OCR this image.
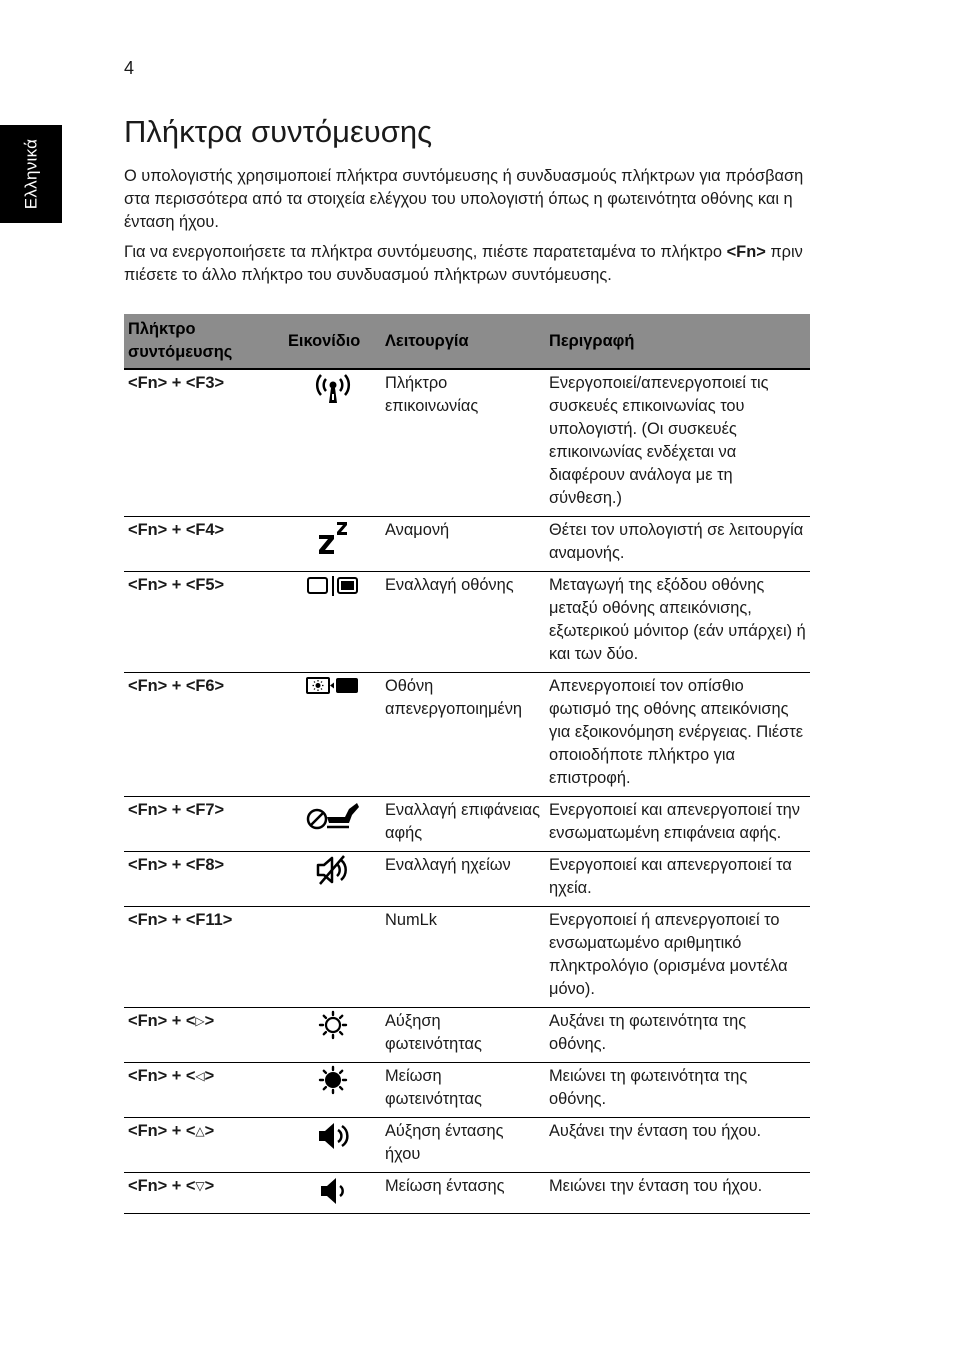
4
Ελληνικά
Πλήκτρα συντόμευσης

Ο υπολογιστής χρησιμοποιεί πλήκτρα συντόμευσης ή συνδυασμούς πλήκτρων για πρόσβαση στα περισσότερα από τα στοιχεία ελέγχου του υπολογιστή όπως η φωτεινότητα οθόνης και η ένταση ήχου.

Για να ενεργοποιήσετε τα πλήκτρα συντόμευσης, πιέστε παρατεταμένα το πλήκτρο <Fn> πριν πιέσετε το άλλο πλήκτρο του συνδυασμού πλήκτρων συντόμευσης.

Πλήκτρο συντόμευσης	Εικονίδιο	Λειτουργία	Περιγραφή
<Fn> + <F3>		Πλήκτρο επικοινωνίας	Ενεργοποιεί/απενεργοποιεί τις συσκευές επικοινωνίας του υπολογιστή. (Οι συσκευές επικοινωνίας ενδέχεται να διαφέρουν ανάλογα με τη σύνθεση.)
<Fn> + <F4>		Αναμονή	Θέτει τον υπολογιστή σε λειτουργία αναμονής.
<Fn> + <F5>		Εναλλαγή οθόνης	Μεταγωγή της εξόδου οθόνης μεταξύ οθόνης απεικόνισης, εξωτερικού μόνιτορ (εάν υπάρχει) ή και των δύο.
<Fn> + <F6>		Οθόνη απενεργοποιημένη	Απενεργοποιεί τον οπίσθιο φωτισμό της οθόνης απεικόνισης για εξοικονόμηση ενέργειας. Πιέστε οποιοδήποτε πλήκτρο για επιστροφή.
<Fn> + <F7>		Εναλλαγή επιφάνειας αφής	Ενεργοποιεί και απενεργοποιεί την ενσωματωμένη επιφάνεια αφής.
<Fn> + <F8>		Εναλλαγή ηχείων	Ενεργοποιεί και απενεργοποιεί τα ηχεία.
<Fn> + <F11>		NumLk	Ενεργοποιεί ή απενεργοποιεί το ενσωματωμένο αριθμητικό πληκτρολόγιο (ορισμένα μοντέλα μόνο).
<Fn> + <▷>		Αύξηση φωτεινότητας	Αυξάνει τη φωτεινότητα της οθόνης.
<Fn> + <◁>		Μείωση φωτεινότητας	Μειώνει τη φωτεινότητα της οθόνης.
<Fn> + <△>		Αύξηση έντασης ήχου	Αυξάνει την ένταση του ήχου.
<Fn> + <▽>		Μείωση έντασης	Μειώνει την ένταση του ήχου.
